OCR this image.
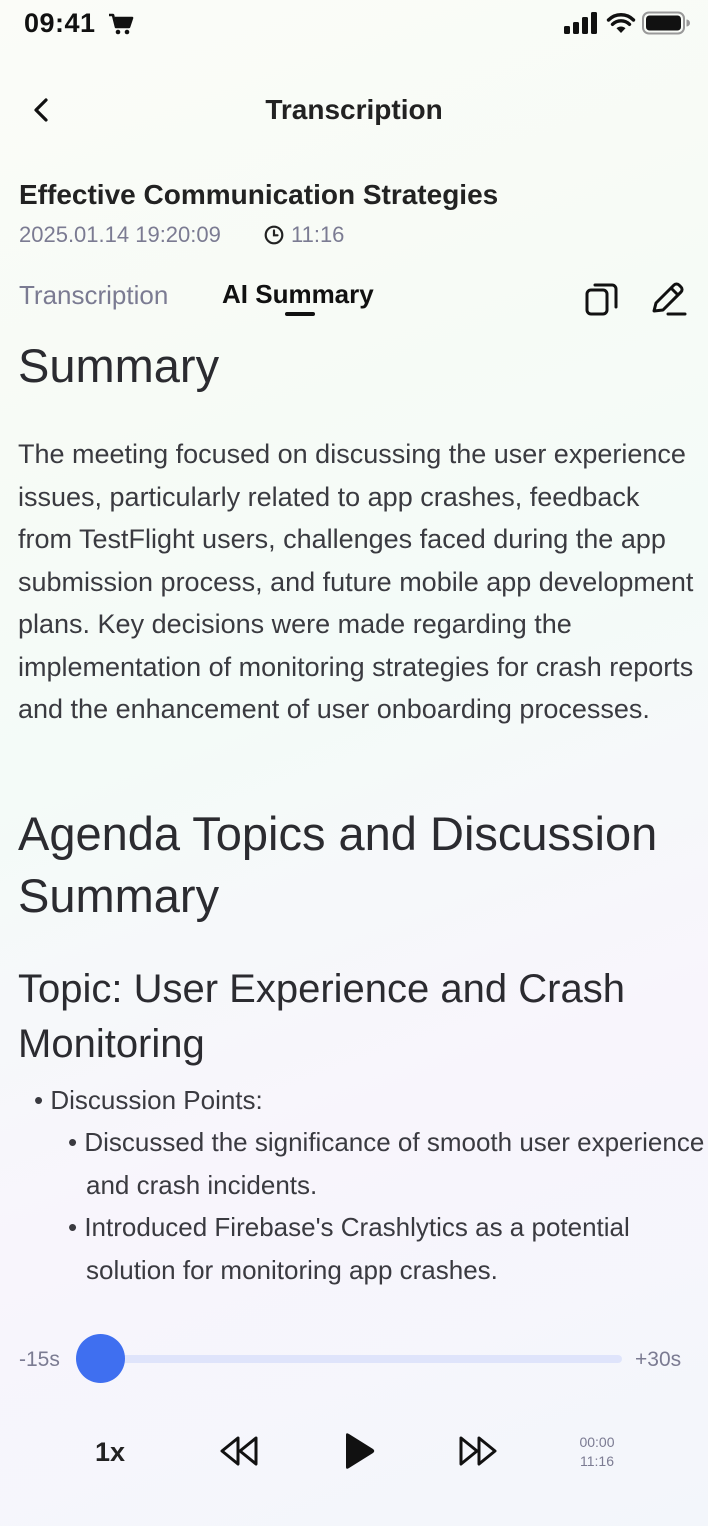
09:41
Transcription
Effective Communication Strategies
2025.01.14 19:20:09	11:16
Transcription AI Summary
Summary

The meeting focused on discussing the user experience issues, particularly related to app crashes, feedback from TestFlight users, challenges faced during the app submission process, and future mobile app development plans. Key decisions were made regarding the implementation of monitoring strategies for crash reports and the enhancement of user onboarding processes.

Agenda Topics and Discussion Summary
Topic: User Experience and Crash Monitoring
• Discussion Points:
• Discussed the significance of smooth user experience and crash incidents.
• Introduced Firebase's Crashlytics as a potential solution for monitoring app crashes.
-15s	+30s
1x	00:00
11:16
